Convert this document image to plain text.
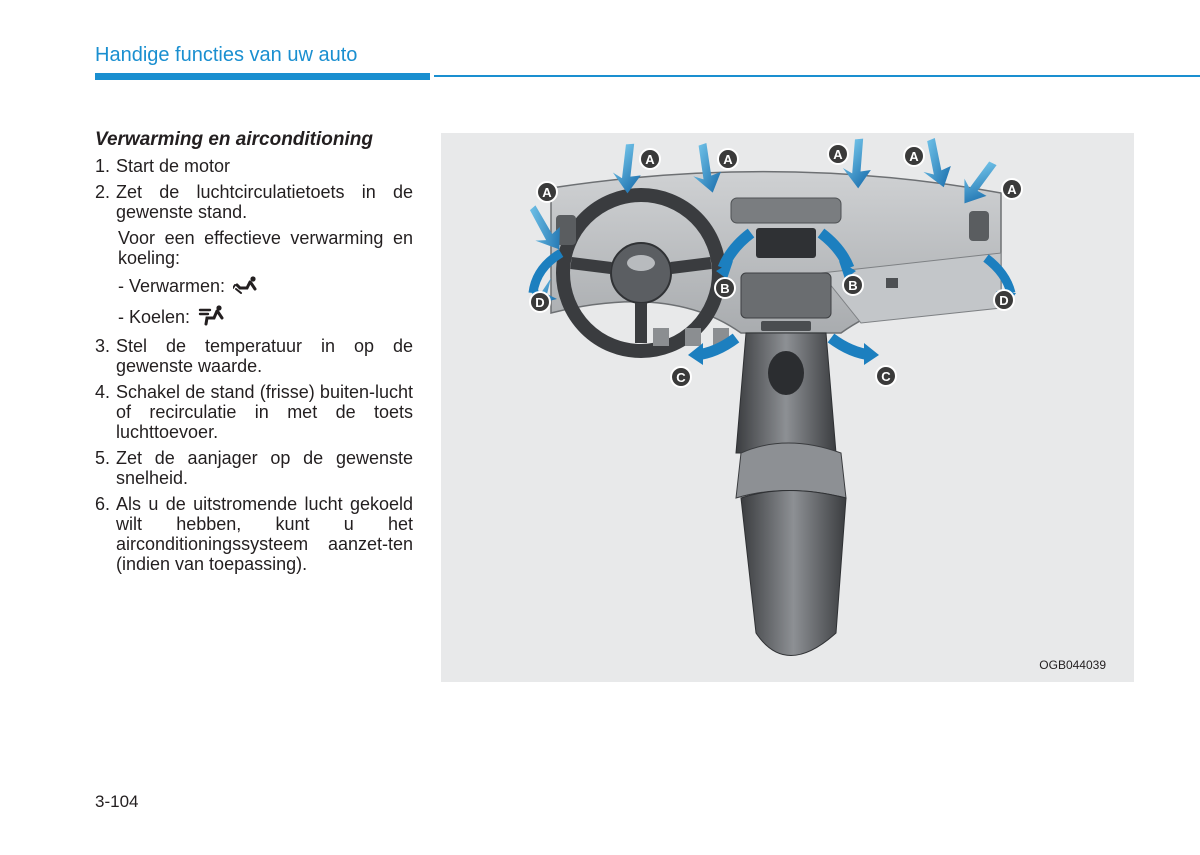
Handige functies van uw auto
Verwarming en airconditioning
1. Start de motor
2. Zet de luchtcirculatietoets in de gewenste stand.
Voor een effectieve verwarming en koeling:
- Verwarmen:
- Koelen:
3. Stel de temperatuur in op de gewenste waarde.
4. Schakel de stand (frisse) buiten-lucht of recirculatie in met de toets luchttoevoer.
5. Zet de aanjager op de gewenste snelheid.
6. Als u de uitstromende lucht gekoeld wilt hebben, kunt u het airconditioningssysteem aanzet-ten (indien van toepassing).
A
A	A	A	A
A
B	B
C	C
D	D
OGB044039
3-104
